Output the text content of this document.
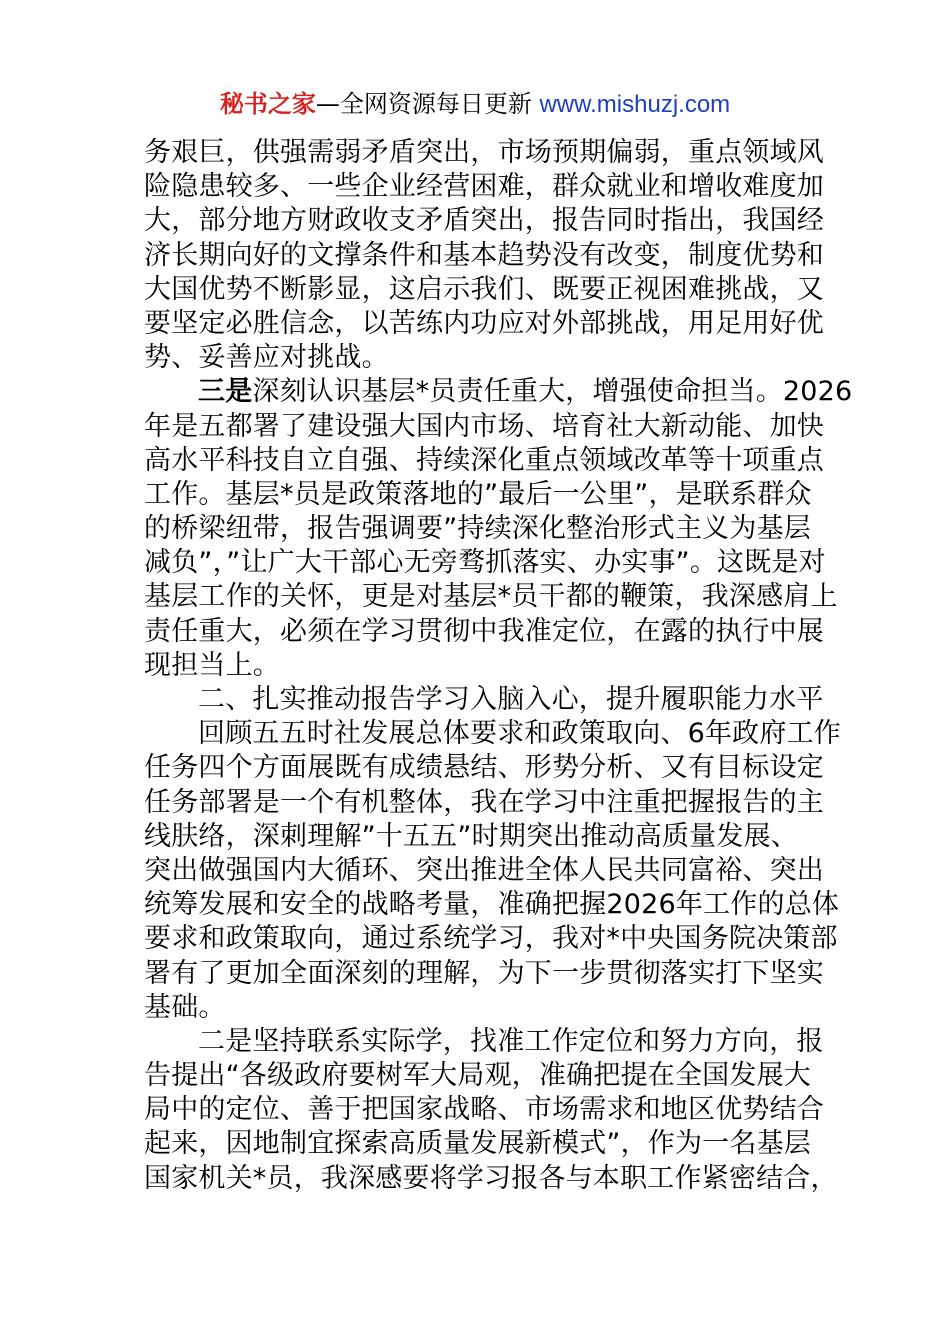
秘书之家—全网资源每日更新 www.mishuzj.com
务艰巨，供强需弱矛盾突出，市场预期偏弱，重点领域风
险隐患较多、一些企业经营困难，群众就业和增收难度加
大，部分地方财政收支矛盾突出，报告同时指出，我国经
济长期向好的文撑条件和基本趋势没有改变，制度优势和
大国优势不断影显，这启示我们、既要正视困难挑战，又
要坚定必胜信念，以苦练内功应对外部挑战，用足用好优
势、妥善应对挑战。
三是深刻认识基层*员责任重大，增强使命担当。2026
年是五都署了建设强大国内市场、培育社大新动能、加快
高水平科技自立自强、持续深化重点领域改革等十项重点
工作。基层*员是政策落地的”最后一公里”，是联系群众
的桥梁纽带，报告强调要”持续深化整治形式主义为基层
减负”，”让广大干部心无旁骛抓落实、办实事”。这既是对
基层工作的关怀，更是对基层*员干都的鞭策，我深感肩上
责任重大，必须在学习贯彻中我准定位，在露的执行中展
现担当上。
二、扎实推动报告学习入脑入心，提升履职能力水平
回顾五五时社发展总体要求和政策取向、6年政府工作
任务四个方面展既有成绩悬结、形势分析、又有目标设定
任务部署是一个有机整体，我在学习中注重把握报告的主
线肤络，深刺理解”十五五”时期突出推动高质量发展、
突出做强国内大循环、突出推进全体人民共同富裕、突出
统筹发展和安全的战略考量，准确把握2026年工作的总体
要求和政策取向，通过系统学习，我对*中央国务院决策部
署有了更加全面深刻的理解，为下一步贯彻落实打下坚实
基础。
二是坚持联系实际学，找准工作定位和努力方向，报
告提出“各级政府要树军大局观，准确把提在全国发展大
局中的定位、善于把国家战略、市场需求和地区优势结合
起来，因地制宜探索高质量发展新模式”，作为一名基层
国家机关*员，我深感要将学习报各与本职工作紧密结合，
